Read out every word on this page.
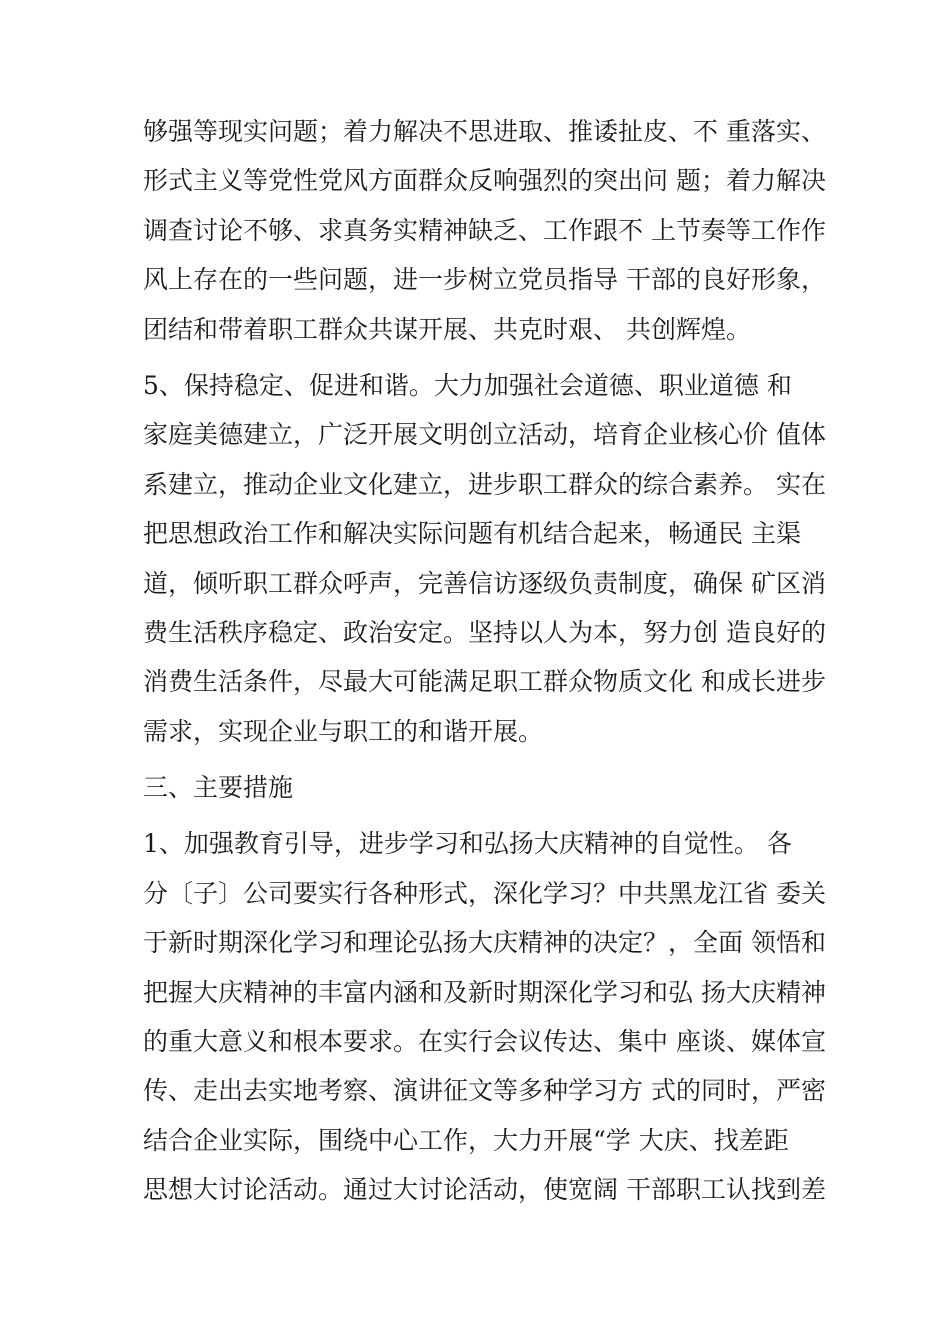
够强等现实问题；着力解决不思进取、推诿扯皮、不 重落实、
形式主义等党性党风方面群众反响强烈的突出问 题；着力解决
调查讨论不够、求真务实精神缺乏、工作跟不 上节奏等工作作
风上存在的一些问题，进一步树立党员指导 干部的良好形象，
团结和带着职工群众共谋开展、共克时艰、 共创辉煌。
5、保持稳定、促进和谐。大力加强社会道德、职业道德 和
家庭美德建立，广泛开展文明创立活动，培育企业核心价 值体
系建立，推动企业文化建立，进步职工群众的综合素养。 实在
把思想政治工作和解决实际问题有机结合起来，畅通民 主渠
道，倾听职工群众呼声，完善信访逐级负责制度，确保 矿区消
费生活秩序稳定、政治安定。坚持以人为本，努力创 造良好的
消费生活条件，尽最大可能满足职工群众物质文化 和成长进步
需求，实现企业与职工的和谐开展。
三、主要措施
1、加强教育引导，进步学习和弘扬大庆精神的自觉性。 各
分〔子〕公司要实行各种形式，深化学习？中共黑龙江省 委关
于新时期深化学习和理论弘扬大庆精神的决定？，全面 领悟和
把握大庆精神的丰富内涵和及新时期深化学习和弘 扬大庆精神
的重大意义和根本要求。在实行会议传达、集中 座谈、媒体宣
传、走出去实地考察、演讲征文等多种学习方 式的同时，严密
结合企业实际，围绕中心工作，大力开展“学 大庆、找差距
思想大讨论活动。通过大讨论活动，使宽阔 干部职工认找到差
